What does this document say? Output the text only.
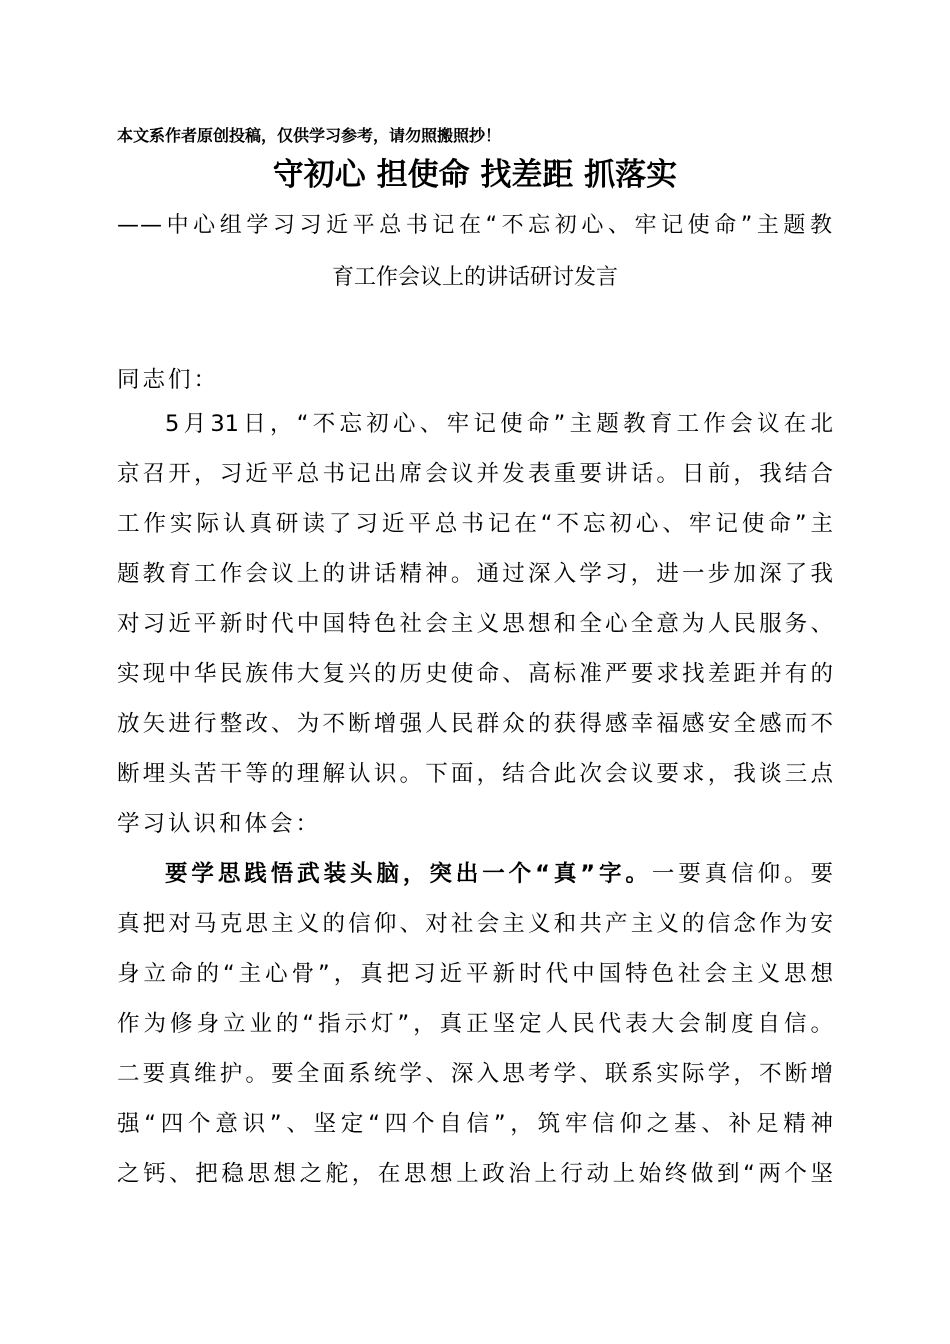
本文系作者原创投稿，仅供学习参考，请勿照搬照抄！
守初心 担使命 找差距 抓落实
——中心组学习习近平总书记在“不忘初心、牢记使命”主题教
育工作会议上的讲话研讨发言
同志们：
5月31日，“不忘初心、牢记使命”主题教育工作会议在北
京召开，习近平总书记出席会议并发表重要讲话。日前，我结合
工作实际认真研读了习近平总书记在“不忘初心、牢记使命”主
题教育工作会议上的讲话精神。通过深入学习，进一步加深了我
对习近平新时代中国特色社会主义思想和全心全意为人民服务、
实现中华民族伟大复兴的历史使命、高标准严要求找差距并有的
放矢进行整改、为不断增强人民群众的获得感幸福感安全感而不
断埋头苦干等的理解认识。下面，结合此次会议要求，我谈三点
学习认识和体会：
要学思践悟武装头脑，突出一个“真”字。一要真信仰。要
真把对马克思主义的信仰、对社会主义和共产主义的信念作为安
身立命的“主心骨”，真把习近平新时代中国特色社会主义思想
作为修身立业的“指示灯”，真正坚定人民代表大会制度自信。
二要真维护。要全面系统学、深入思考学、联系实际学，不断增
强“四个意识”、坚定“四个自信”，筑牢信仰之基、补足精神
之钙、把稳思想之舵，在思想上政治上行动上始终做到“两个坚
